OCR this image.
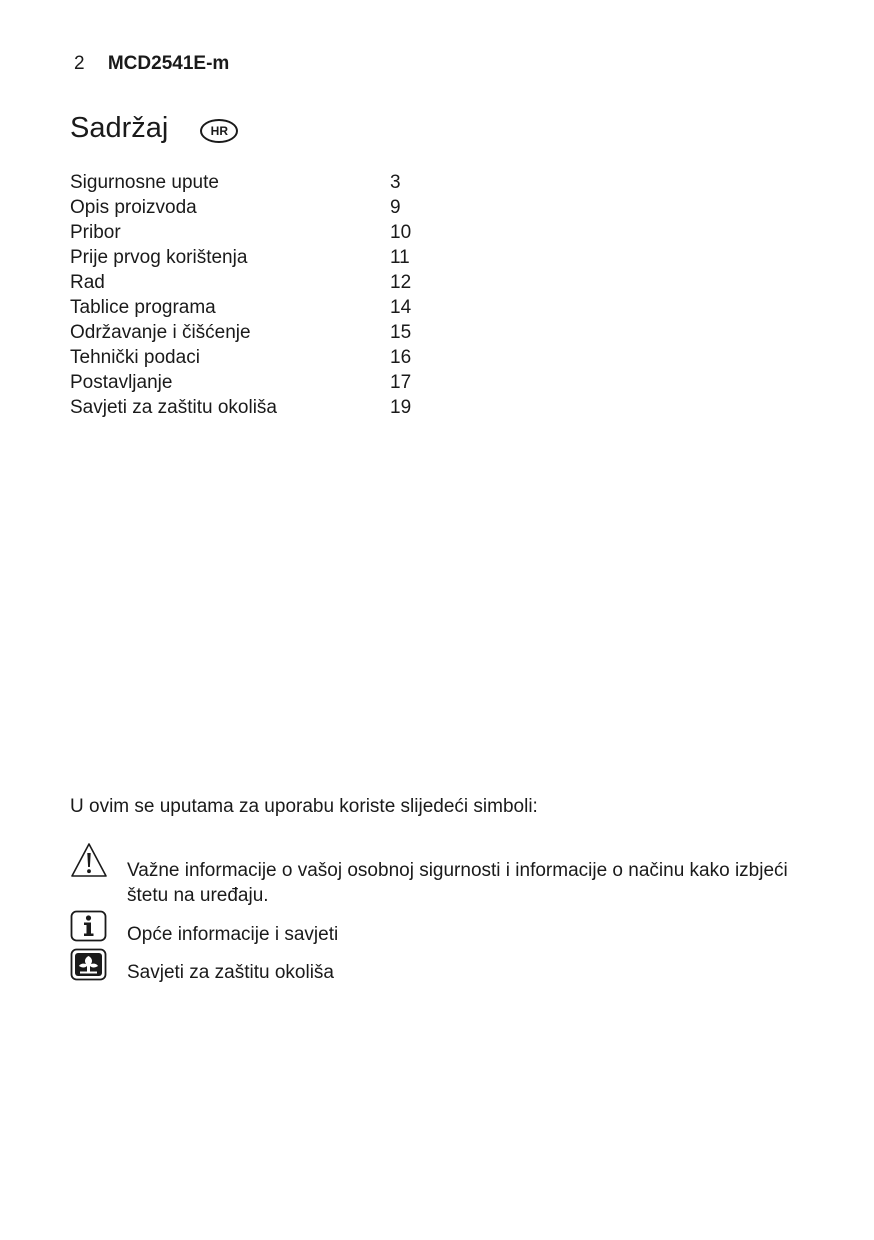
2 MCD2541E-m
Sadržaj	HR
Sigurnosne upute	3
Opis proizvoda	9
Pribor	10
Prije prvog korištenja	11
Rad	12
Tablice programa	14
Održavanje i čišćenje	15
Tehnički podaci	16
Postavljanje	17
Savjeti za zaštitu okoliša	19
U ovim se uputama za uporabu koriste slijedeći simboli:
Važne informacije o vašoj osobnoj sigurnosti i informacije o načinu kako izbjeći štetu na uređaju.
Opće informacije i savjeti
Savjeti za zaštitu okoliša
